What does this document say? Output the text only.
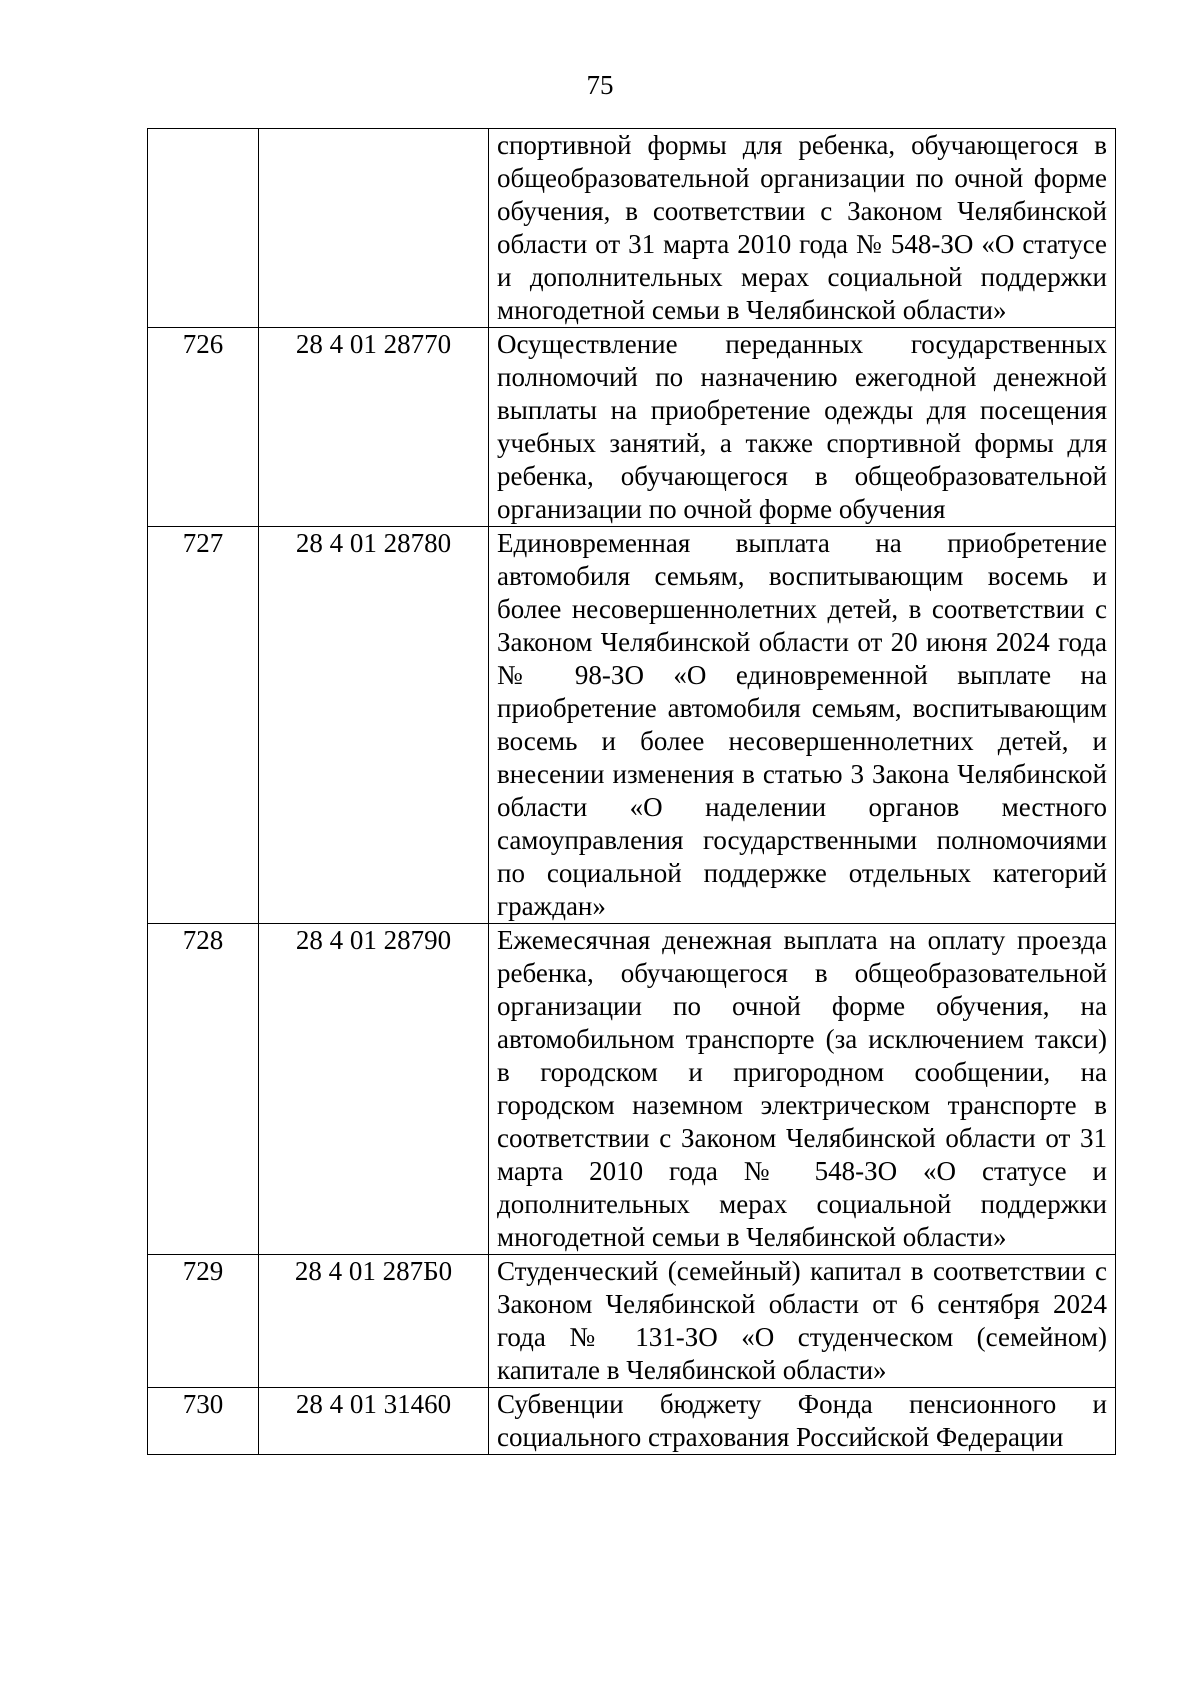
75

		спортивной формы для ребенка, обучающегося в общеобразовательной организации по очной форме обучения, в соответствии с Законом Челябинской области от 31 марта 2010 года № 548-ЗО «О статусе и дополнительных мерах социальной поддержки многодетной семьи в Челябинской области»

726	28 4 01 28770	Осуществление переданных государственных полномочий по назначению ежегодной денежной выплаты на приобретение одежды для посещения учебных занятий, а также спортивной формы для ребенка, обучающегося в общеобразовательной организации по очной форме обучения

727	28 4 01 28780	Единовременная выплата на приобретение автомобиля семьям, воспитывающим восемь и более несовершеннолетних детей, в соответствии с Законом Челябинской области от 20 июня 2024 года № 98-ЗО «О единовременной выплате на приобретение автомобиля семьям, воспитывающим восемь и более несовершеннолетних детей, и внесении изменения в статью 3 Закона Челябинской области «О наделении органов местного самоуправления государственными полномочиями по социальной поддержке отдельных категорий граждан»

728	28 4 01 28790	Ежемесячная денежная выплата на оплату проезда ребенка, обучающегося в общеобразовательной организации по очной форме обучения, на автомобильном транспорте (за исключением такси) в городском и пригородном сообщении, на городском наземном электрическом транспорте в соответствии с Законом Челябинской области от 31 марта 2010 года № 548-ЗО «О статусе и дополнительных мерах социальной поддержки многодетной семьи в Челябинской области»

729	28 4 01 287Б0	Студенческий (семейный) капитал в соответствии с Законом Челябинской области от 6 сентября 2024 года № 131-ЗО «О студенческом (семейном) капитале в Челябинской области»

730	28 4 01 31460	Субвенции бюджету Фонда пенсионного и социального страхования Российской Федерации
